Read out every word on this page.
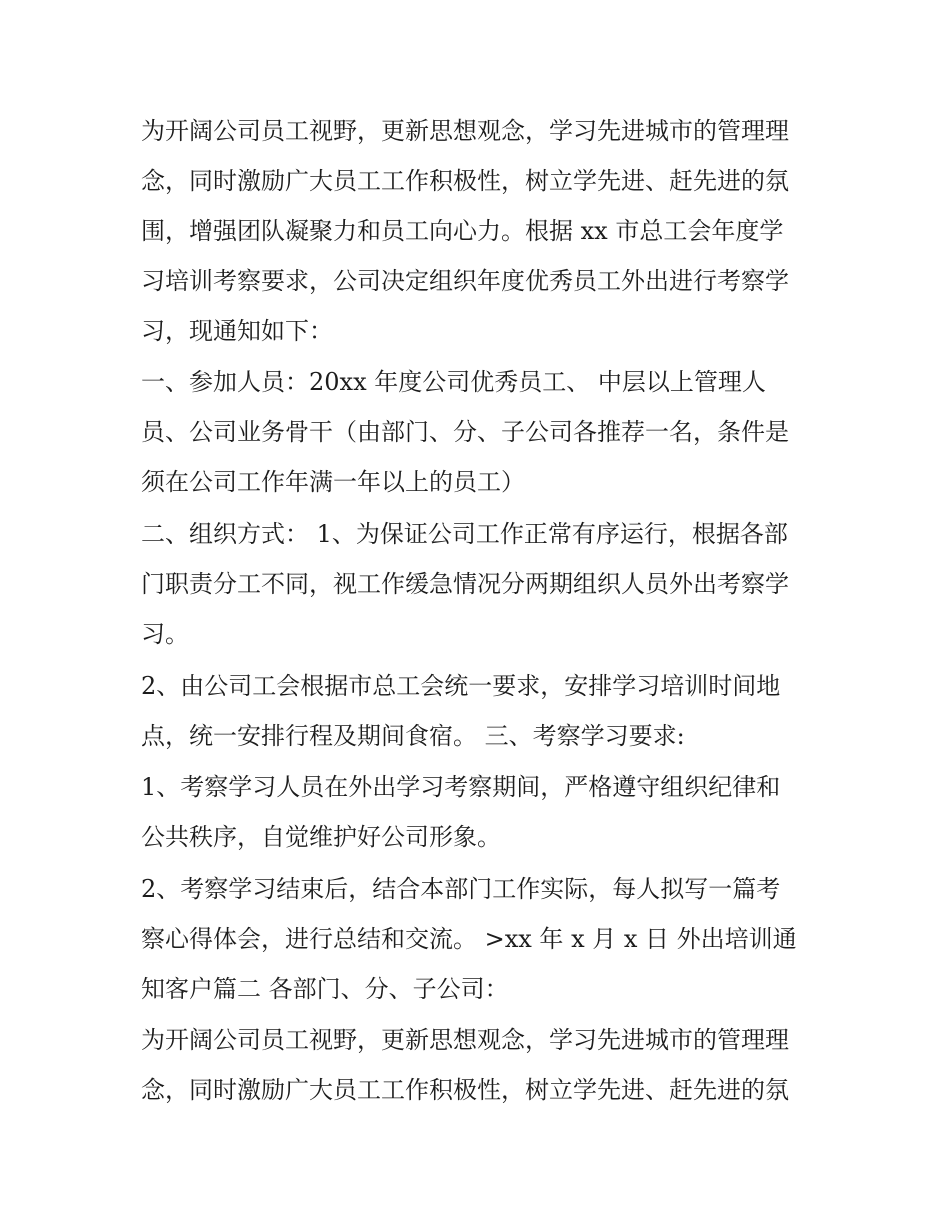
为开阔公司员工视野，更新思想观念，学习先进城市的管理理
念，同时激励广大员工工作积极性，树立学先进、赶先进的氛
围，增强团队凝聚力和员工向心力。根据 xx 市总工会年度学
习培训考察要求，公司决定组织年度优秀员工外出进行考察学
习，现通知如下：
一、参加人员：20xx 年度公司优秀员工、 中层以上管理人
员、公司业务骨干（由部门、分、子公司各推荐一名，条件是
须在公司工作年满一年以上的员工）
二、组织方式： 1、为保证公司工作正常有序运行，根据各部
门职责分工不同，视工作缓急情况分两期组织人员外出考察学
习。
2、由公司工会根据市总工会统一要求，安排学习培训时间地
点，统一安排行程及期间食宿。 三、考察学习要求:
1、考察学习人员在外出学习考察期间，严格遵守组织纪律和
公共秩序，自觉维护好公司形象。
2、考察学习结束后，结合本部门工作实际，每人拟写一篇考
察心得体会，进行总结和交流。 >xx 年 x 月 x 日 外出培训通
知客户篇二 各部门、分、子公司：
为开阔公司员工视野，更新思想观念，学习先进城市的管理理
念，同时激励广大员工工作积极性，树立学先进、赶先进的氛
